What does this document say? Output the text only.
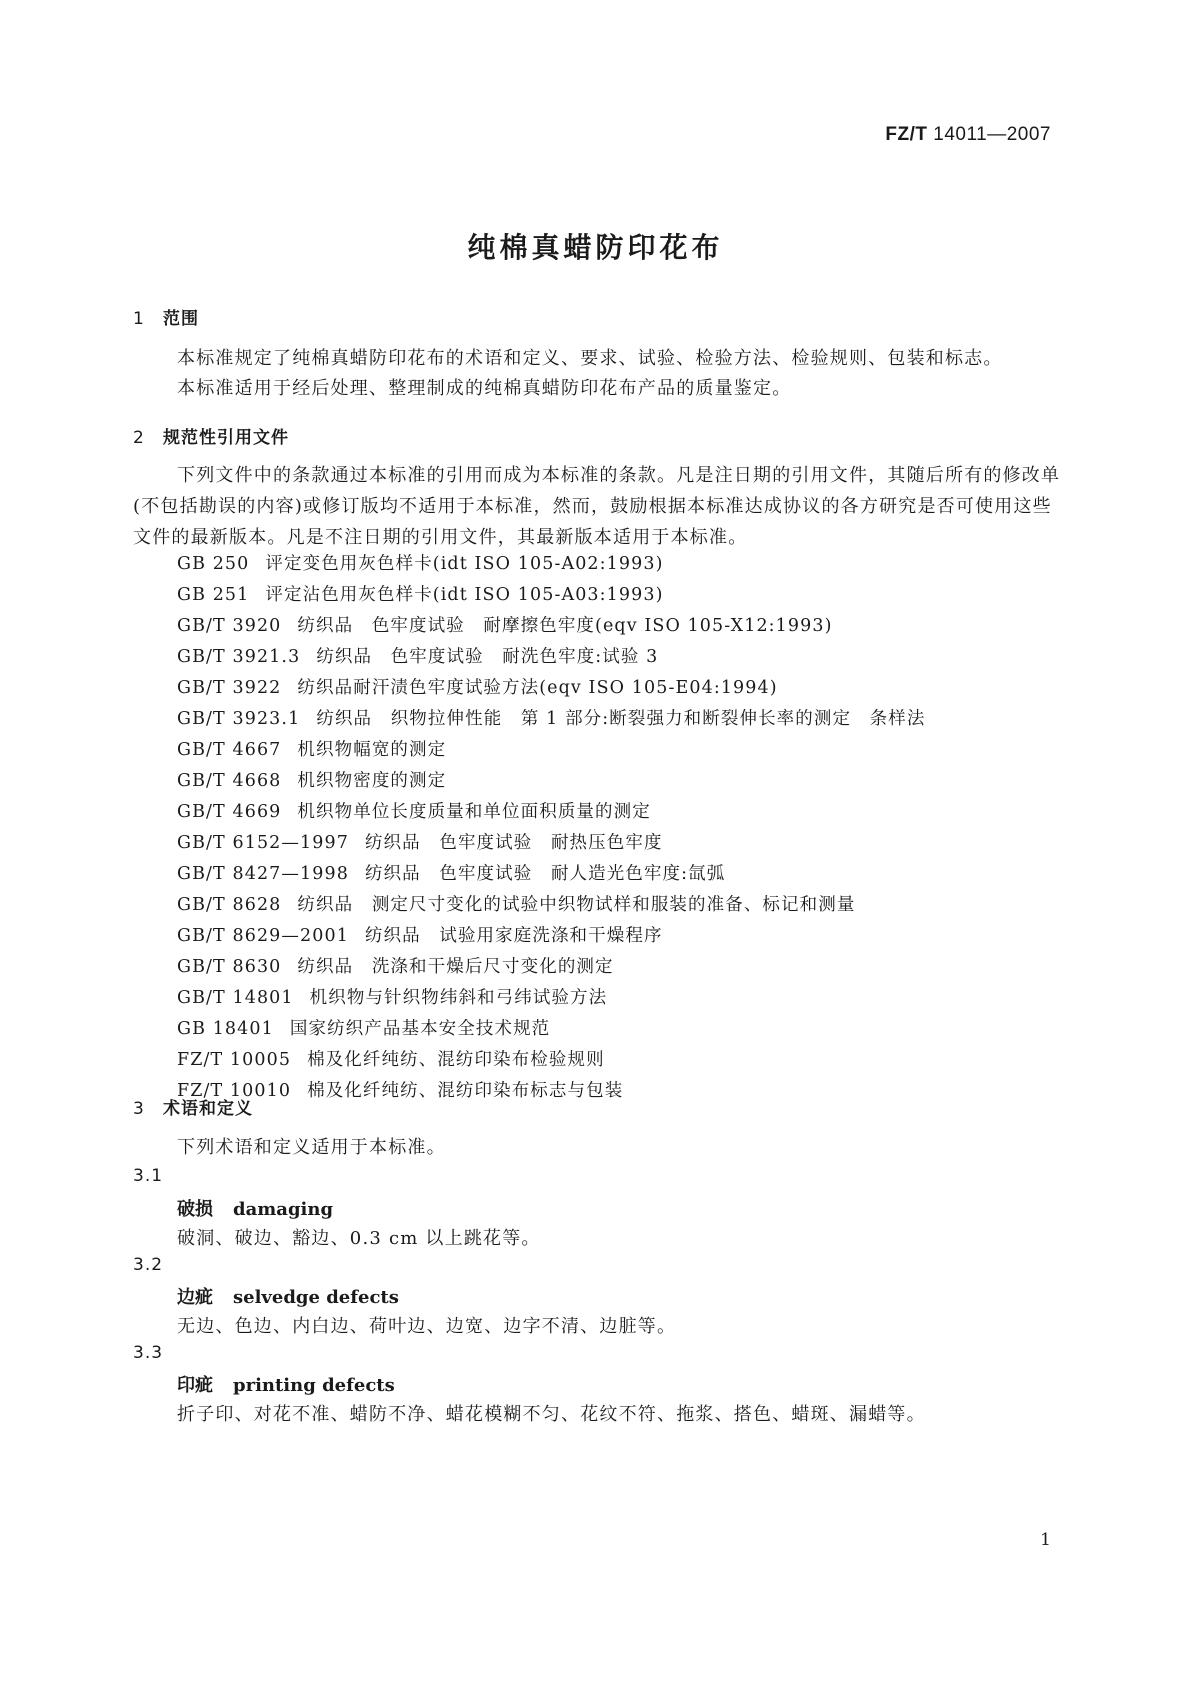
FZ/T 14011—2007
纯棉真蜡防印花布
1 范围
本标准规定了纯棉真蜡防印花布的术语和定义、要求、试验、检验方法、检验规则、包装和标志。
本标准适用于经后处理、整理制成的纯棉真蜡防印花布产品的质量鉴定。
2 规范性引用文件
下列文件中的条款通过本标准的引用而成为本标准的条款。凡是注日期的引用文件，其随后所有的修改单(不包括勘误的内容)或修订版均不适用于本标准，然而，鼓励根据本标准达成协议的各方研究是否可使用这些文件的最新版本。凡是不注日期的引用文件，其最新版本适用于本标准。
GB 250 评定变色用灰色样卡(idt ISO 105-A02:1993)
GB 251 评定沾色用灰色样卡(idt ISO 105-A03:1993)
GB/T 3920 纺织品　色牢度试验　耐摩擦色牢度(eqv ISO 105-X12:1993)
GB/T 3921.3 纺织品　色牢度试验　耐洗色牢度:试验 3
GB/T 3922 纺织品耐汗渍色牢度试验方法(eqv ISO 105-E04:1994)
GB/T 3923.1 纺织品　织物拉伸性能　第 1 部分:断裂强力和断裂伸长率的测定　条样法
GB/T 4667 机织物幅宽的测定
GB/T 4668 机织物密度的测定
GB/T 4669 机织物单位长度质量和单位面积质量的测定
GB/T 6152—1997 纺织品　色牢度试验　耐热压色牢度
GB/T 8427—1998 纺织品　色牢度试验　耐人造光色牢度:氙弧
GB/T 8628 纺织品　测定尺寸变化的试验中织物试样和服装的准备、标记和测量
GB/T 8629—2001 纺织品　试验用家庭洗涤和干燥程序
GB/T 8630 纺织品　洗涤和干燥后尺寸变化的测定
GB/T 14801 机织物与针织物纬斜和弓纬试验方法
GB 18401 国家纺织产品基本安全技术规范
FZ/T 10005 棉及化纤纯纺、混纺印染布检验规则
FZ/T 10010 棉及化纤纯纺、混纺印染布标志与包装
3 术语和定义
下列术语和定义适用于本标准。
3.1
破损 damaging
破洞、破边、豁边、0.3 cm 以上跳花等。
3.2
边疵 selvedge defects
无边、色边、内白边、荷叶边、边宽、边字不清、边脏等。
3.3
印疵 printing defects
折子印、对花不准、蜡防不净、蜡花模糊不匀、花纹不符、拖浆、搭色、蜡斑、漏蜡等。
1
